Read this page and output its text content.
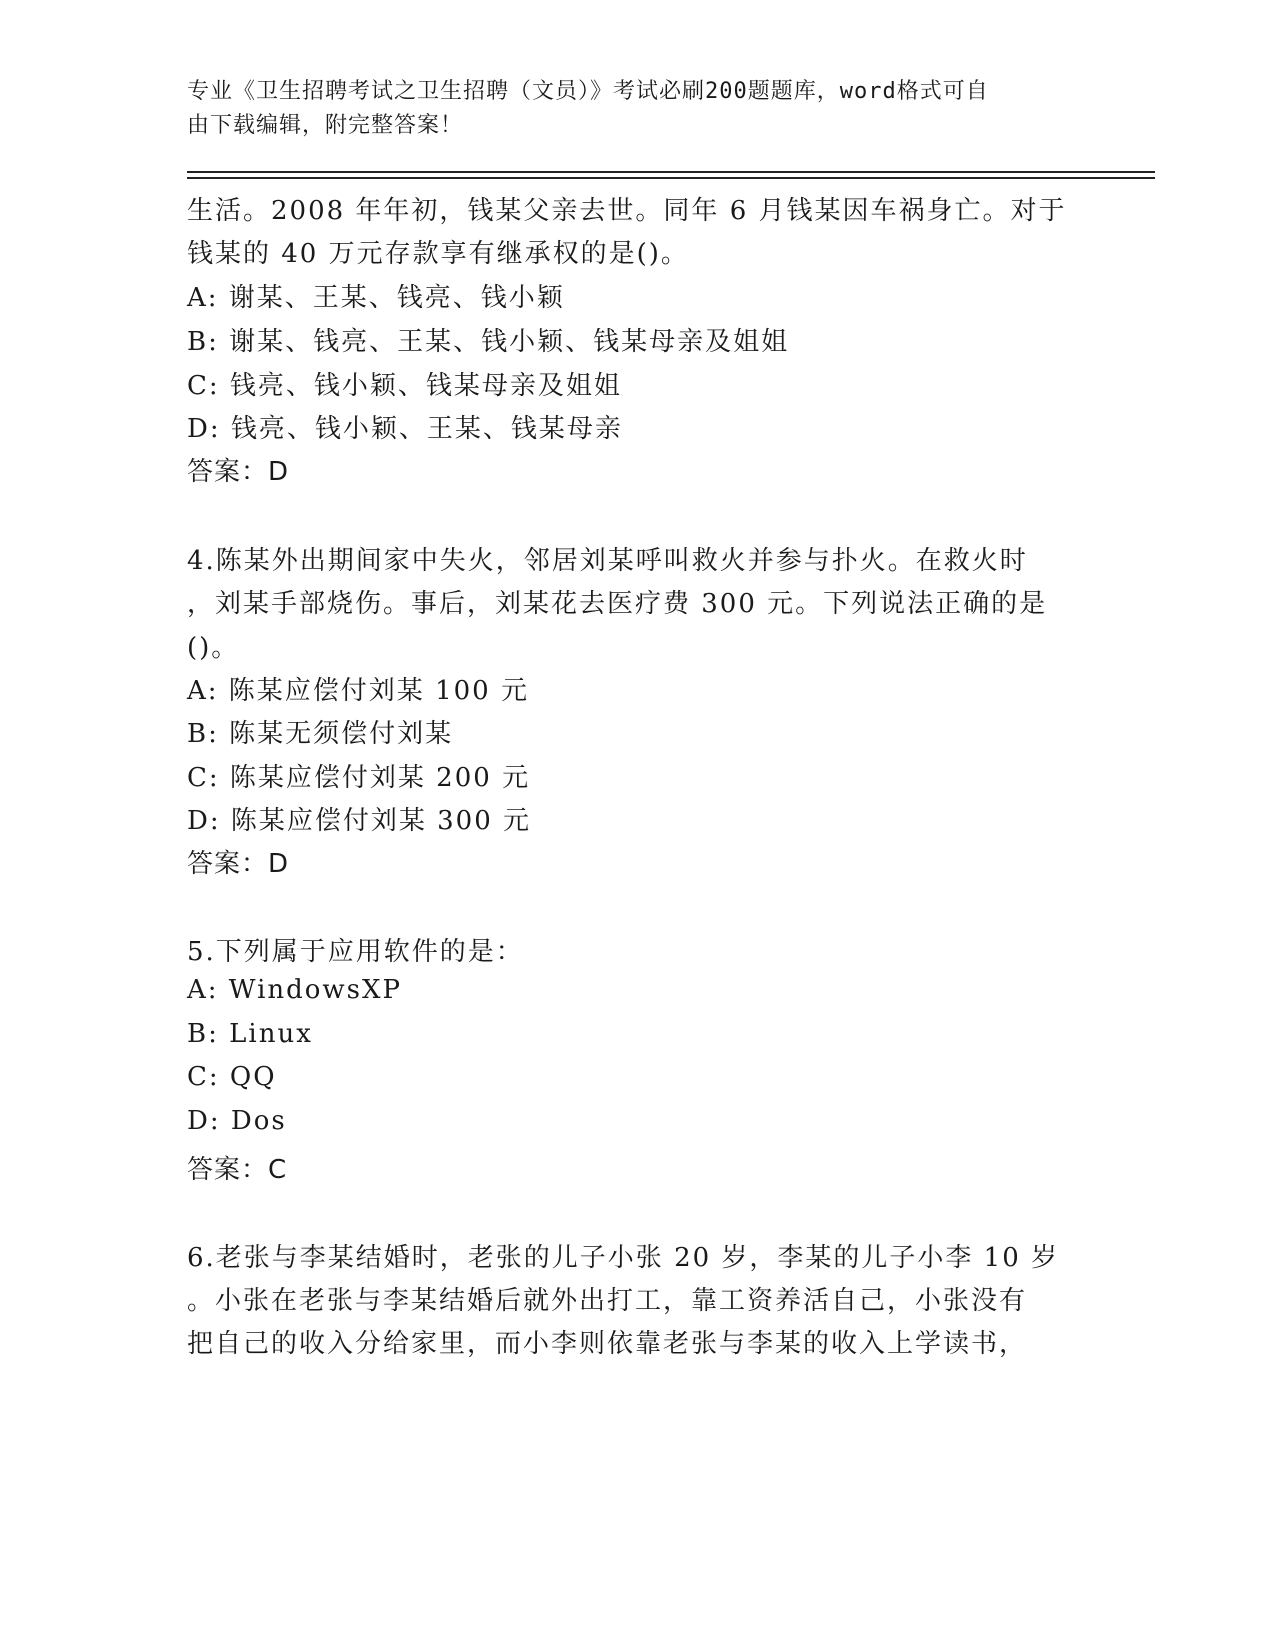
专业《卫生招聘考试之卫生招聘（文员）》考试必刷200题题库，word格式可自
由下载编辑，附完整答案！
生活。2008 年年初，钱某父亲去世。同年 6 月钱某因车祸身亡。对于
钱某的 40 万元存款享有继承权的是()。
A: 谢某、王某、钱亮、钱小颖
B: 谢某、钱亮、王某、钱小颖、钱某母亲及姐姐
C: 钱亮、钱小颖、钱某母亲及姐姐
D: 钱亮、钱小颖、王某、钱某母亲
答案：D
4.陈某外出期间家中失火，邻居刘某呼叫救火并参与扑火。在救火时
，刘某手部烧伤。事后，刘某花去医疗费 300 元。下列说法正确的是
()。
A: 陈某应偿付刘某 100 元
B: 陈某无须偿付刘某
C: 陈某应偿付刘某 200 元
D: 陈某应偿付刘某 300 元
答案：D
5.下列属于应用软件的是：
A: WindowsXP
B: Linux
C: QQ
D: Dos
答案：C
6.老张与李某结婚时，老张的儿子小张 20 岁，李某的儿子小李 10 岁
。小张在老张与李某结婚后就外出打工，靠工资养活自己，小张没有
把自己的收入分给家里，而小李则依靠老张与李某的收入上学读书，
